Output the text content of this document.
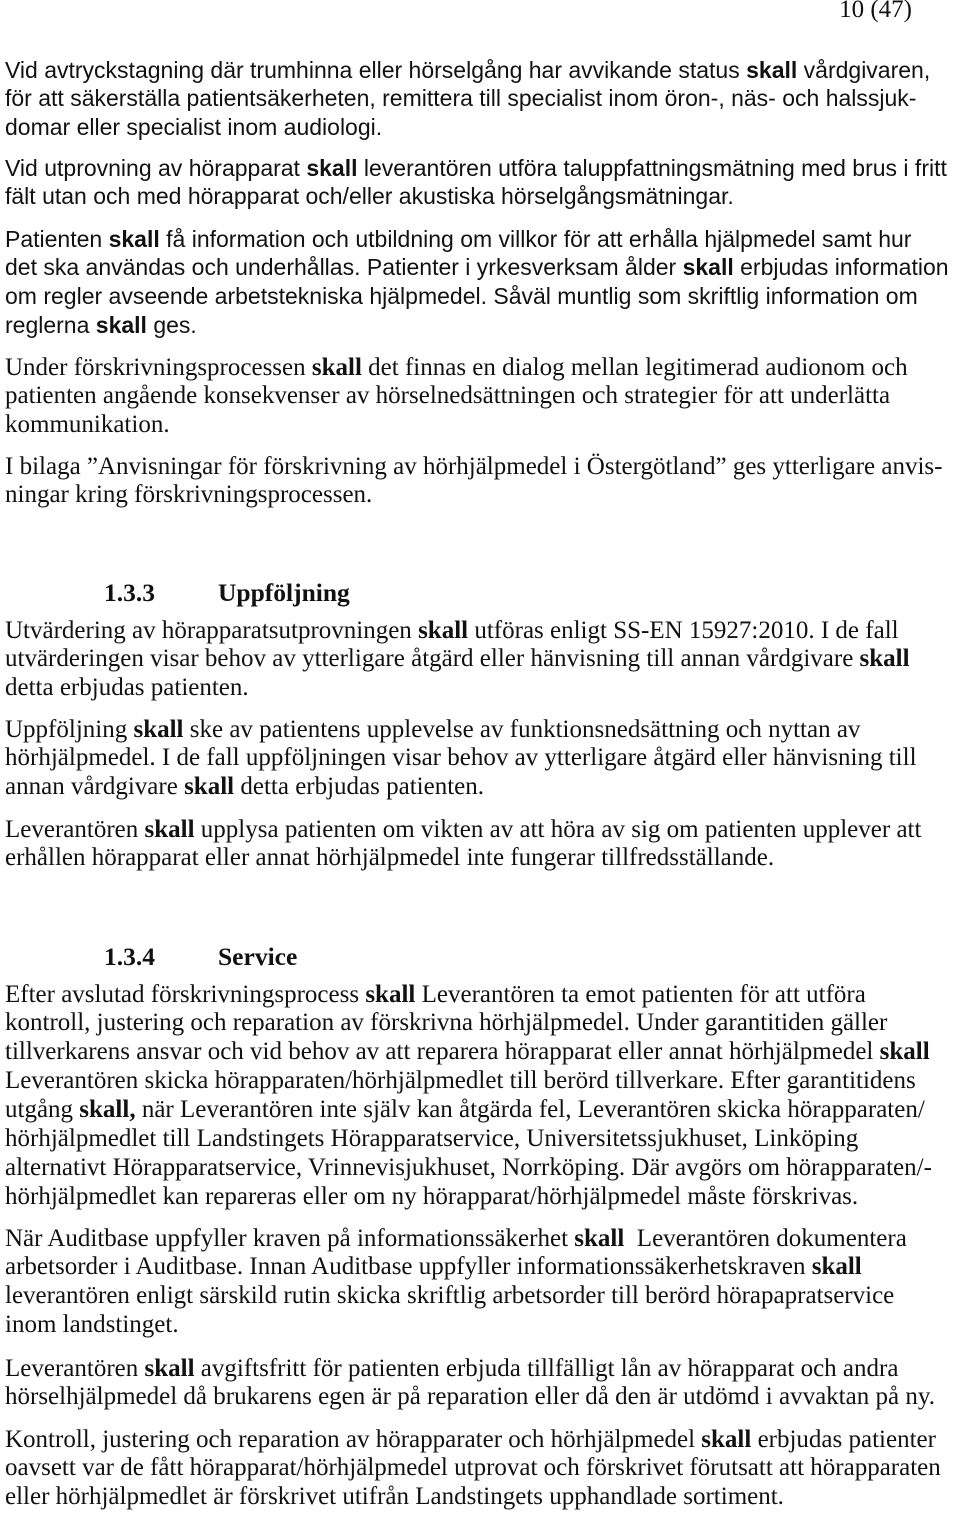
10 (47)
Vid avtryckstagning där trumhinna eller hörselgång har avvikande status skall vårdgivaren,
för att säkerställa patientsäkerheten, remittera till specialist inom öron-, näs- och halssjuk-
domar eller specialist inom audiologi.
Vid utprovning av hörapparat skall leverantören utföra taluppfattningsmätning med brus i fritt
fält utan och med hörapparat och/eller akustiska hörselgångsmätningar.
Patienten skall få information och utbildning om villkor för att erhålla hjälpmedel samt hur
det ska användas och underhållas. Patienter i yrkesverksam ålder skall erbjudas information
om regler avseende arbetstekniska hjälpmedel. Såväl muntlig som skriftlig information om
reglerna skall ges.
Under förskrivningsprocessen skall det finnas en dialog mellan legitimerad audionom och
patienten angående konsekvenser av hörselnedsättningen och strategier för att underlätta
kommunikation.
I bilaga ”Anvisningar för förskrivning av hörhjälpmedel i Östergötland” ges ytterligare anvis-
ningar kring förskrivningsprocessen.

1.3.3

Uppföljning

Utvärdering av hörapparatsutprovningen skall utföras enligt SS-EN 15927:2010. I de fall
utvärderingen visar behov av ytterligare åtgärd eller hänvisning till annan vårdgivare skall
detta erbjudas patienten.
Uppföljning skall ske av patientens upplevelse av funktionsnedsättning och nyttan av
hörhjälpmedel. I de fall uppföljningen visar behov av ytterligare åtgärd eller hänvisning till
annan vårdgivare skall detta erbjudas patienten.
Leverantören skall upplysa patienten om vikten av att höra av sig om patienten upplever att
erhållen hörapparat eller annat hörhjälpmedel inte fungerar tillfredsställande.

1.3.4

Service

Efter avslutad förskrivningsprocess skall Leverantören ta emot patienten för att utföra
kontroll, justering och reparation av förskrivna hörhjälpmedel. Under garantitiden gäller
tillverkarens ansvar och vid behov av att reparera hörapparat eller annat hörhjälpmedel skall
Leverantören skicka hörapparaten/hörhjälpmedlet till berörd tillverkare. Efter garantitidens
utgång skall, när Leverantören inte själv kan åtgärda fel, Leverantören skicka hörapparaten/
hörhjälpmedlet till Landstingets Hörapparatservice, Universitetssjukhuset, Linköping
alternativt Hörapparatservice, Vrinnevisjukhuset, Norrköping. Där avgörs om hörapparaten/-
hörhjälpmedlet kan repareras eller om ny hörapparat/hörhjälpmedel måste förskrivas.
När Auditbase uppfyller kraven på informationssäkerhet skall  Leverantören dokumentera
arbetsorder i Auditbase. Innan Auditbase uppfyller informationssäkerhetskraven skall
leverantören enligt särskild rutin skicka skriftlig arbetsorder till berörd hörapapratservice
inom landstinget.
Leverantören skall avgiftsfritt för patienten erbjuda tillfälligt lån av hörapparat och andra
hörselhjälpmedel då brukarens egen är på reparation eller då den är utdömd i avvaktan på ny.
Kontroll, justering och reparation av hörapparater och hörhjälpmedel skall erbjudas patienter
oavsett var de fått hörapparat/hörhjälpmedel utprovat och förskrivet förutsatt att hörapparaten
eller hörhjälpmedlet är förskrivet utifrån Landstingets upphandlade sortiment.
